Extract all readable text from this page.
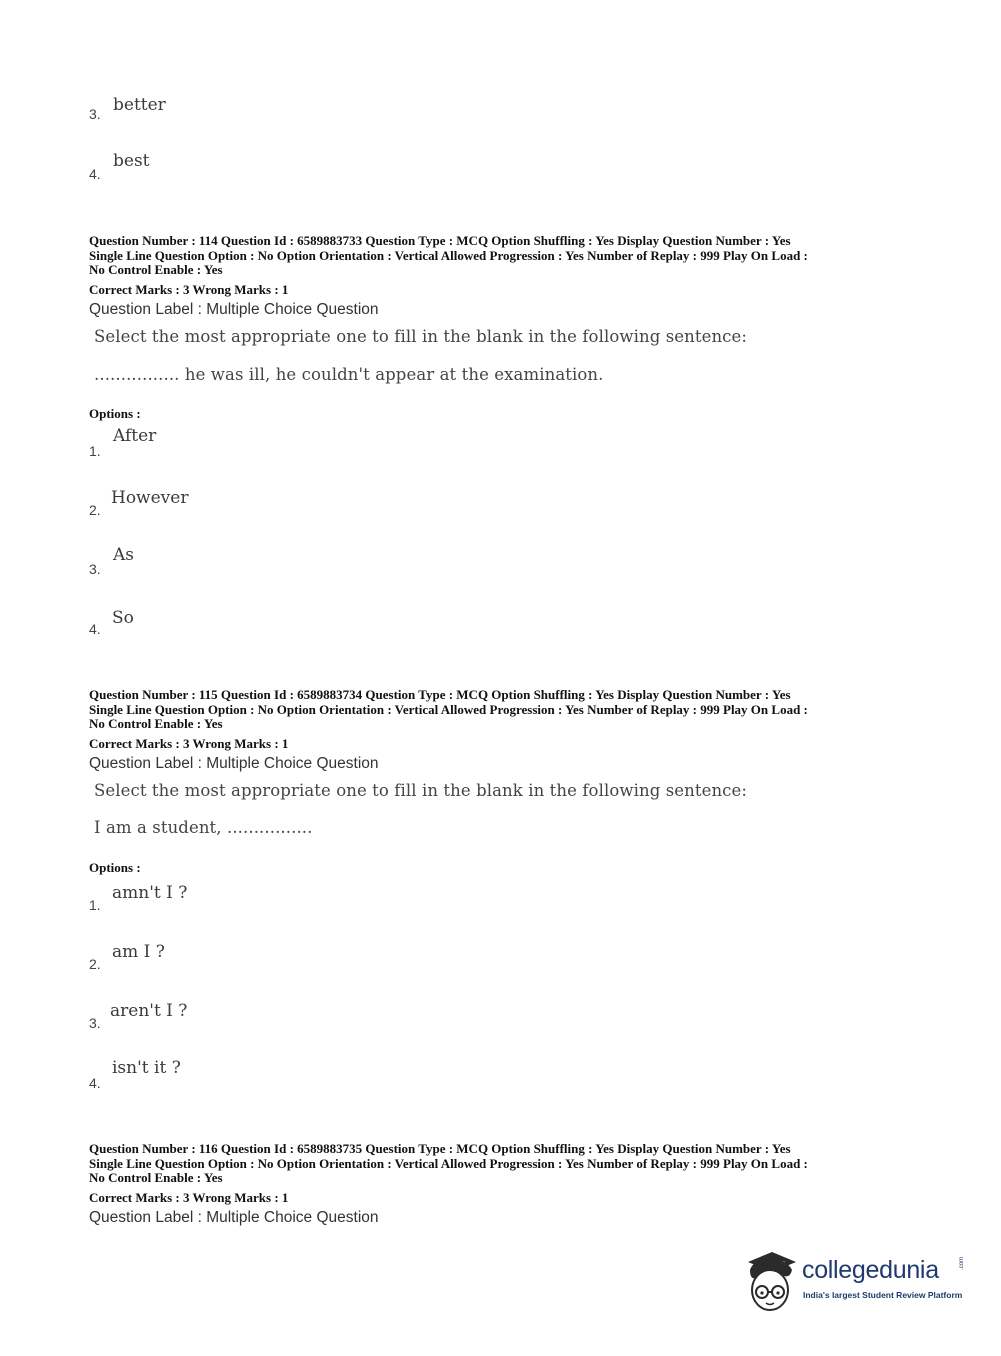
3. better
4.
best
Question Number : 114 Question Id : 6589883733 Question Type : MCQ Option Shuffling : Yes Display Question Number : Yes
Single Line Question Option : No Option Orientation : Vertical Allowed Progression : Yes Number of Replay : 999 Play On Load :
No Control Enable : Yes
Correct Marks : 3 Wrong Marks : 1
Question Label : Multiple Choice Question
Select the most appropriate one to fill in the blank in the following sentence:
................ he was ill, he couldn't appear at the examination.
Options :
1.
After
2.
However
3.
As
4.
So
Question Number : 115 Question Id : 6589883734 Question Type : MCQ Option Shuffling : Yes Display Question Number : Yes
Single Line Question Option : No Option Orientation : Vertical Allowed Progression : Yes Number of Replay : 999 Play On Load :
No Control Enable : Yes
Correct Marks : 3 Wrong Marks : 1
Question Label : Multiple Choice Question
Select the most appropriate one to fill in the blank in the following sentence:
I am a student, ................
Options :
1.
amn't I ?
2.
am I ?
3.
aren't I ?
4.
isn't it ?
Question Number : 116 Question Id : 6589883735 Question Type : MCQ Option Shuffling : Yes Display Question Number : Yes
Single Line Question Option : No Option Orientation : Vertical Allowed Progression : Yes Number of Replay : 999 Play On Load :
No Control Enable : Yes
Correct Marks : 3 Wrong Marks : 1
Question Label : Multiple Choice Question
collegedunia	.com
India's largest Student Review Platform
